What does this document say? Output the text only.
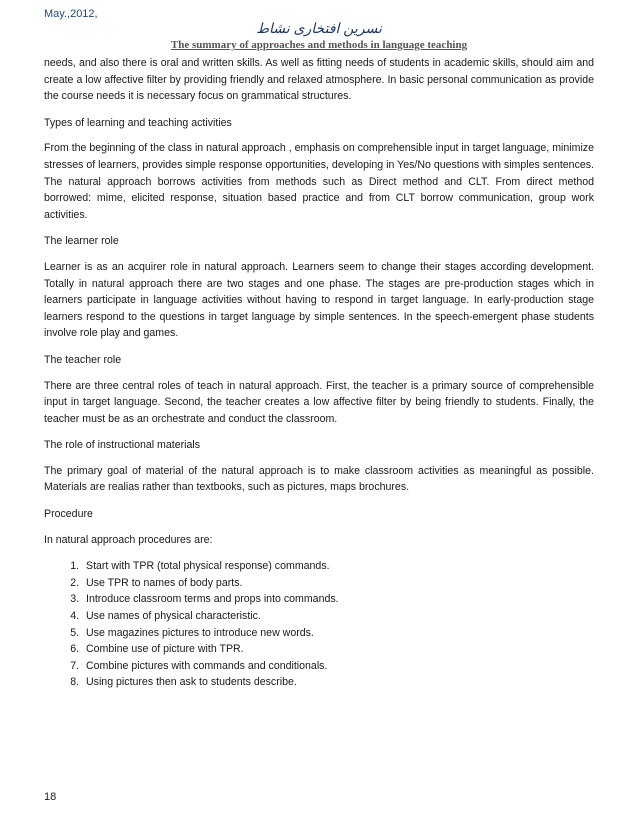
May.,2012,
نسرین افتخاری نشاط
The summary of approaches and methods in language teaching

needs, and also there is oral and written skills. As well as fitting needs of students in academic skills, should aim and create a low affective filter by providing friendly and relaxed atmosphere. In basic personal communication as provide the course needs it is necessary focus on grammatical structures.

Types of learning and teaching activities

From the beginning of the class in natural approach , emphasis on comprehensible input in target language, minimize stresses of learners, provides simple response opportunities, developing in Yes/No questions with simples sentences. The natural approach borrows activities from methods such as Direct method and CLT. From direct method borrowed: mime, elicited response, situation based practice and from CLT borrow communication, group work activities.

The learner role

Learner is as an acquirer role in natural approach. Learners seem to change their stages according development. Totally in natural approach there are two stages and one phase. The stages are pre-production stages which in learners participate in language activities without having to respond in target language. In early-production stage learners respond to the questions in target language by simple sentences. In the speech-emergent phase students involve role play and games.

The teacher role

There are three central roles of teach in natural approach. First, the teacher is a primary source of comprehensible input in target language. Second, the teacher creates a low affective filter by being friendly to students. Finally, the teacher must be as an orchestrate and conduct the classroom.

The role of instructional materials

The primary goal of material of the natural approach is to make classroom activities as meaningful as possible. Materials are realias rather than textbooks, such as pictures, maps brochures.

Procedure

In natural approach procedures are:

1. Start with TPR (total physical response) commands.
2. Use TPR to names of body parts.
3. Introduce classroom terms and props into commands.
4. Use names of physical characteristic.
5. Use magazines pictures to introduce new words.
6. Combine use of picture with TPR.
7. Combine pictures with commands and conditionals.
8. Using pictures then ask to students describe.
18
